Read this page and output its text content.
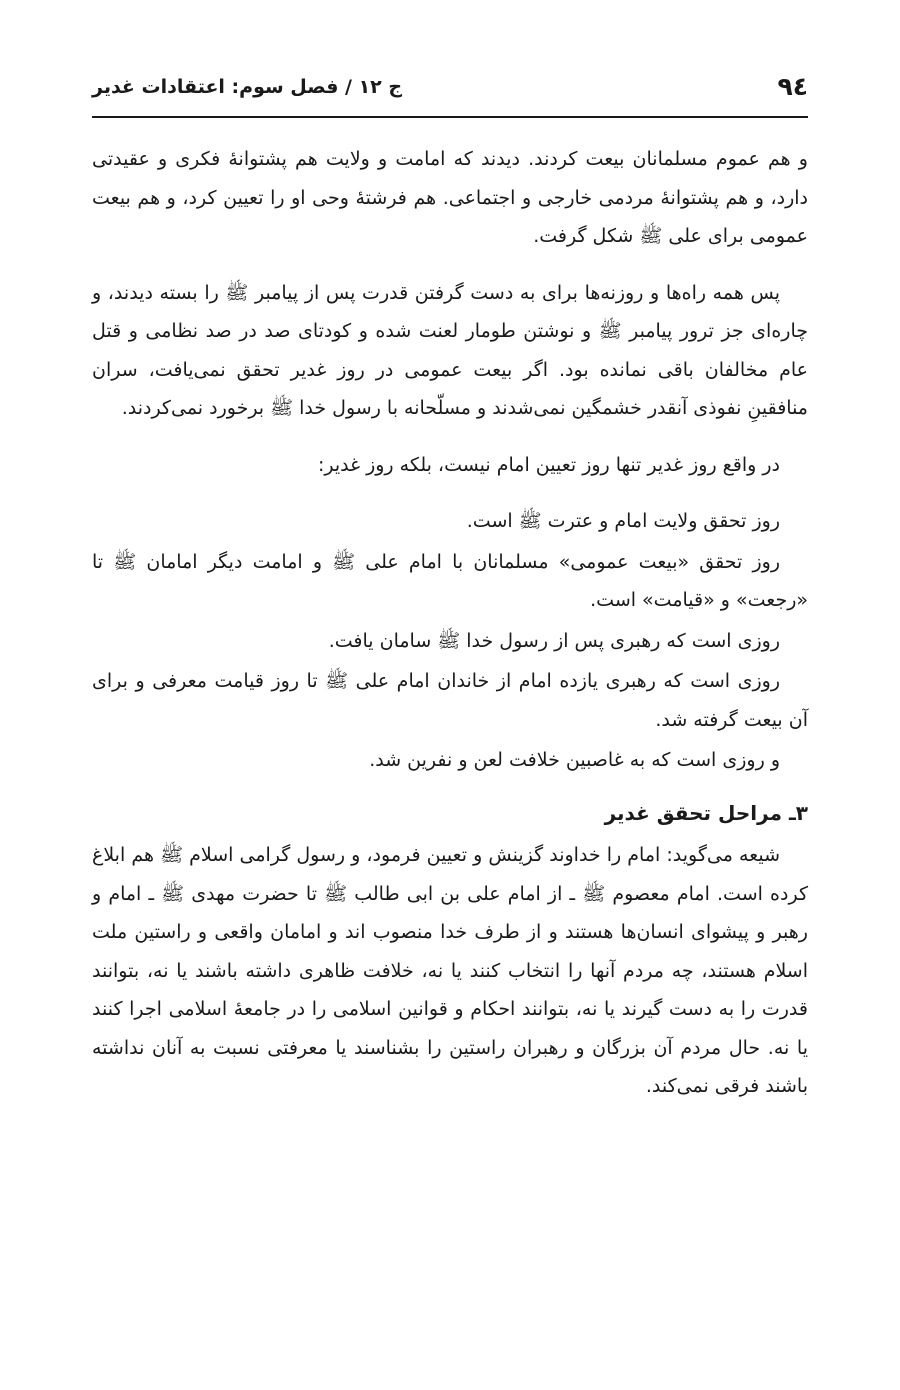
٩٤
ج ١٢ / فصل سوم: اعتقادات غدیر

و هم عموم مسلمانان بیعت کردند. دیدند که امامت و ولایت هم پشتوانهٔ فکری و عقیدتی دارد، و هم پشتوانهٔ مردمی خارجی و اجتماعی. هم فرشتهٔ وحی او را تعیین کرد، و هم بیعت عمومی برای علی ﷺ شکل گرفت.

پس همه راه‌ها و روزنه‌ها برای به دست گرفتن قدرت پس از پیامبر ﷺ را بسته دیدند، و چاره‌ای جز ترور پیامبر ﷺ و نوشتن طومار لعنت شده و کودتای صد در صد نظامی و قتل عام مخالفان باقی نمانده بود. اگر بیعت عمومی در روز غدیر تحقق نمی‌یافت، سران منافقینِ نفوذی آنقدر خشمگین نمی‌شدند و مسلّحانه با رسول خدا ﷺ برخورد نمی‌کردند.

در واقع روز غدیر تنها روز تعیین امام نیست، بلکه روز غدیر:

روز تحقق ولایت امام و عترت ﷺ است.

روز تحقق «بیعت عمومی» مسلمانان با امام علی ﷺ و امامت دیگر امامان ﷺ تا «رجعت» و «قیامت» است.

روزی است که رهبری پس از رسول خدا ﷺ سامان یافت.

روزی است که رهبری یازده امام از خاندان امام علی ﷺ تا روز قیامت معرفی و برای آن بیعت گرفته شد.

و روزی است که به غاصبین خلافت لعن و نفرین شد.

۳ـ مراحل تحقق غدیر

شیعه می‌گوید: امام را خداوند گزینش و تعیین فرمود، و رسول گرامی اسلام ﷺ هم ابلاغ کرده است. امام معصوم ﷺ ـ از امام علی بن ابی طالب ﷺ تا حضرت مهدی ﷺ ـ امام و رهبر و پیشوای انسان‌ها هستند و از طرف خدا منصوب اند و امامان واقعی و راستین ملت اسلام هستند، چه مردم آنها را انتخاب کنند یا نه، خلافت ظاهری داشته باشند یا نه، بتوانند قدرت را به دست گیرند یا نه، بتوانند احکام و قوانین اسلامی را در جامعهٔ اسلامی اجرا کنند یا نه. حال مردم آن بزرگان و رهبران راستین را بشناسند یا معرفتی نسبت به آنان نداشته باشند فرقی نمی‌کند.
